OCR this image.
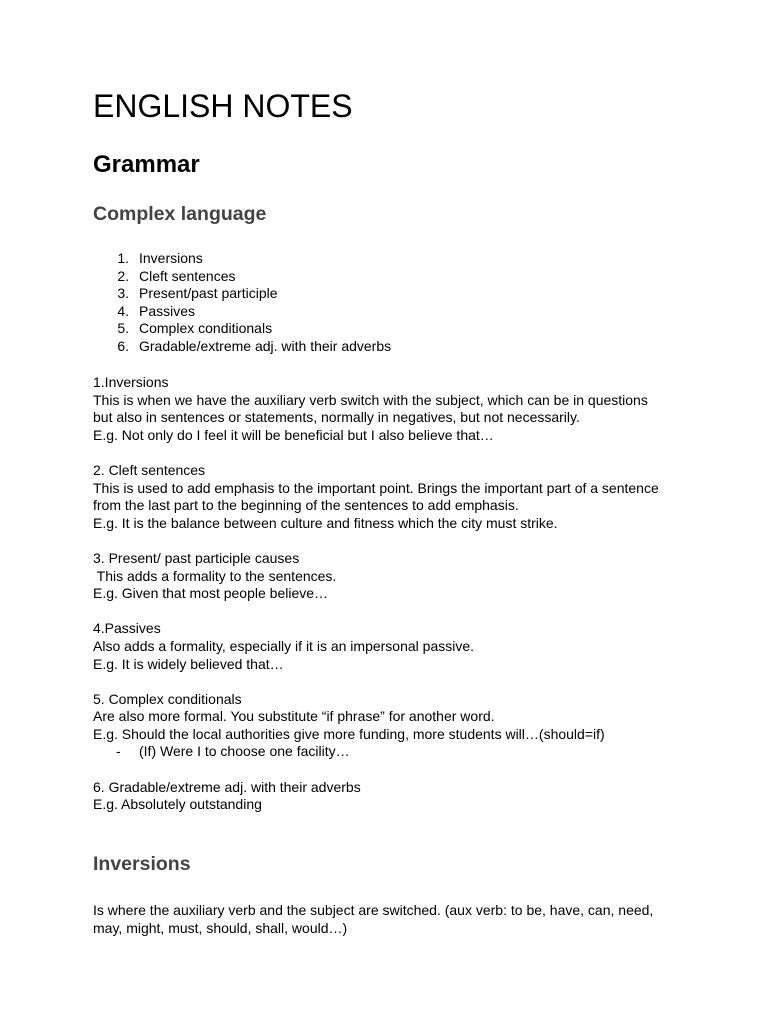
ENGLISH NOTES
Grammar
Complex language
1. Inversions
2. Cleft sentences
3. Present/past participle
4. Passives
5. Complex conditionals
6. Gradable/extreme adj. with their adverbs

1.Inversions

This is when we have the auxiliary verb switch with the subject, which can be in questions

but also in sentences or statements, normally in negatives, but not necessarily.

E.g. Not only do I feel it will be beneficial but I also believe that…

2. Cleft sentences

This is used to add emphasis to the important point. Brings the important part of a sentence

from the last part to the beginning of the sentences to add emphasis.

E.g. It is the balance between culture and fitness which the city must strike.

3. Present/ past participle causes

This adds a formality to the sentences.

E.g. Given that most people believe…

4.Passives

Also adds a formality, especially if it is an impersonal passive.

E.g. It is widely believed that…

5. Complex conditionals

Are also more formal. You substitute “if phrase” for another word.

E.g. Should the local authorities give more funding, more students will…(should=if)

- (If) Were I to choose one facility…

6. Gradable/extreme adj. with their adverbs

E.g. Absolutely outstanding

Inversions

Is where the auxiliary verb and the subject are switched. (aux verb: to be, have, can, need,

may, might, must, should, shall, would…)
